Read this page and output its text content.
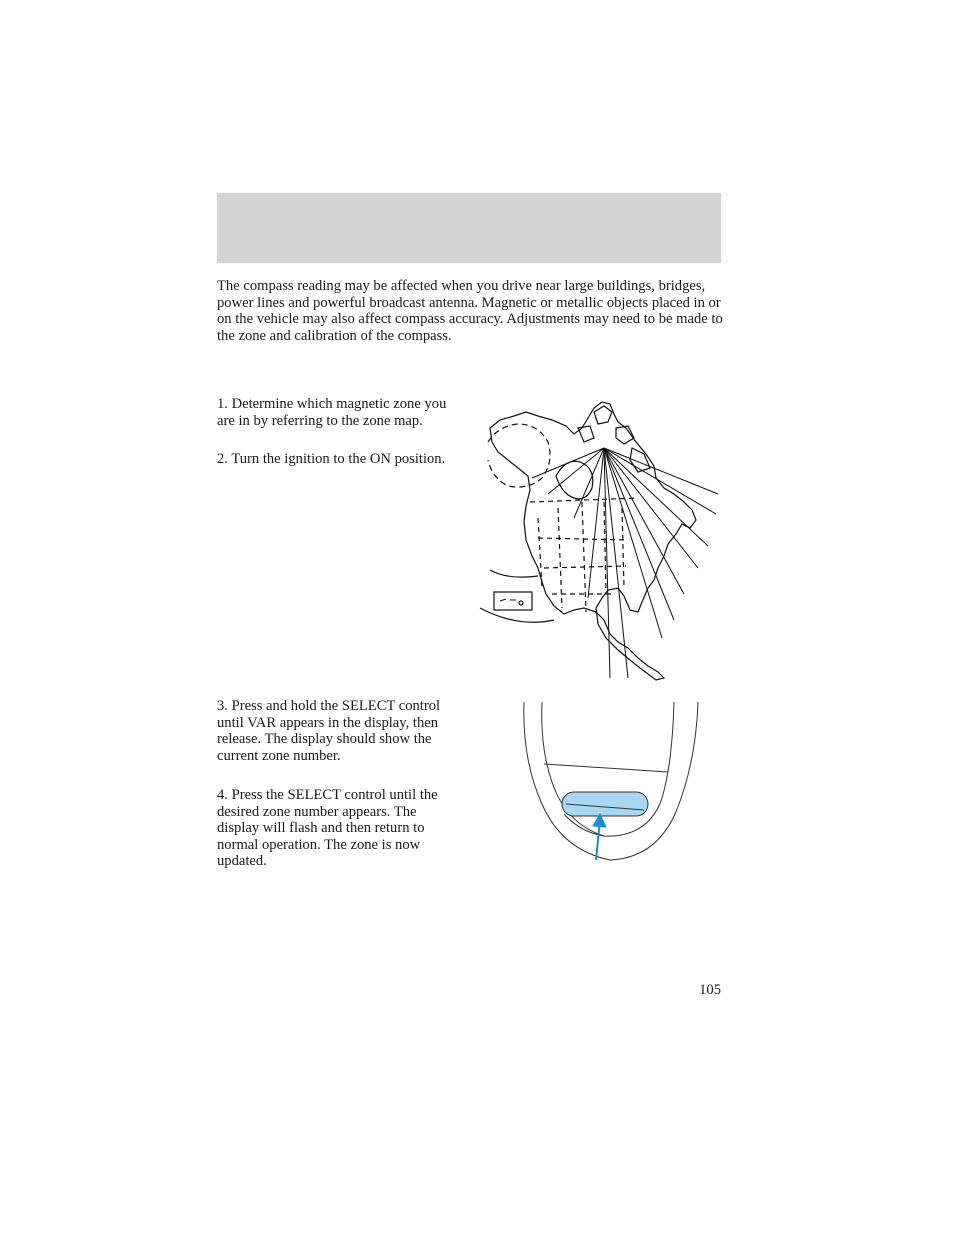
The compass reading may be affected when you drive near large buildings, bridges, power lines and powerful broadcast antenna. Magnetic or metallic objects placed in or on the vehicle may also affect compass accuracy. Adjustments may need to be made to the zone and calibration of the compass.

1. Determine which magnetic zone you are in by referring to the zone map.

2. Turn the ignition to the ON position.

3. Press and hold the SELECT control until VAR appears in the display, then release. The display should show the current zone number.

4. Press the SELECT control until the desired zone number appears. The display will flash and then return to normal operation. The zone is now updated.

105
